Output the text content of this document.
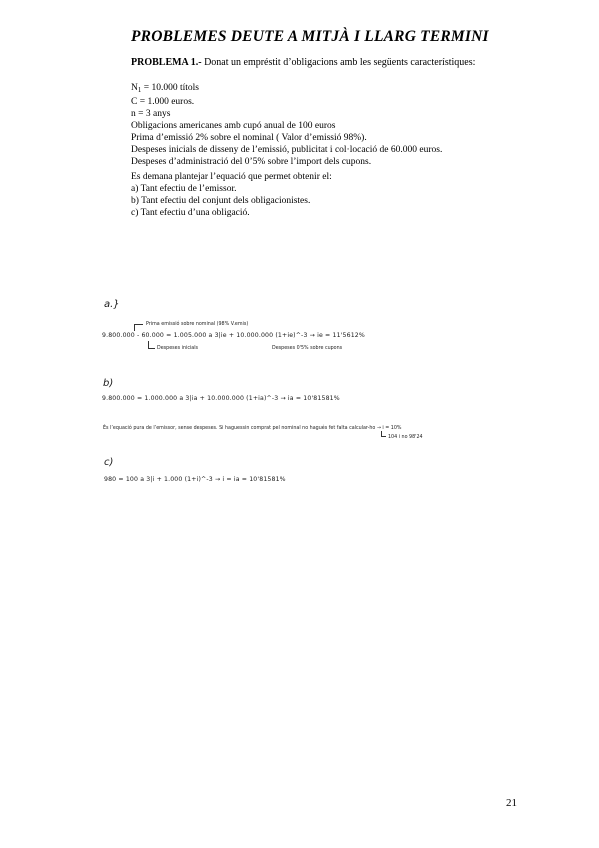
PROBLEMES DEUTE A MITJÀ I LLARG TERMINI
PROBLEMA 1.- Donat un empréstit d’obligacions amb les següents característiques:
$N_1 = 10.000$ títols
C = 1.000 euros.
n = 3 anys
Obligacions americanes amb cupó anual de 100 euros
Prima d’emissió 2% sobre el nominal ( Valor d’emissió 98%).
Despeses inicials de disseny de l’emissió, publicitat i col·locació de 60.000 euros.
Despeses d’administració del 0’5% sobre l’import dels cupons.
Es demana plantejar l’equació que permet obtenir el:
a) Tant efectiu de l’emissor.
b) Tant efectiu del conjunt dels obligacionistes.
c) Tant efectiu d’una obligació.
a.}
Prima emissió sobre nominal (98% V.emis)
9.800.000 - 60.000 = 1.005.000 a 3|ie + 10.000.000 (1+ie)^-3 → ie = 11'5612%
Despeses inicials	Despeses 0'5% sobre cupons
b)
9.800.000 = 1.000.000 a 3|ia + 10.000.000 (1+ia)^-3 → ia = 10'81581%
És l’equació pura de l’emissor, sense despeses. Si haguessin comprat pel nominal no hagués fet falta calcular-ho → i = 10%
104 i no 98'24
c)
980 = 100 a 3|i + 1.000 (1+i)^-3 → i = ia = 10'81581%
21
